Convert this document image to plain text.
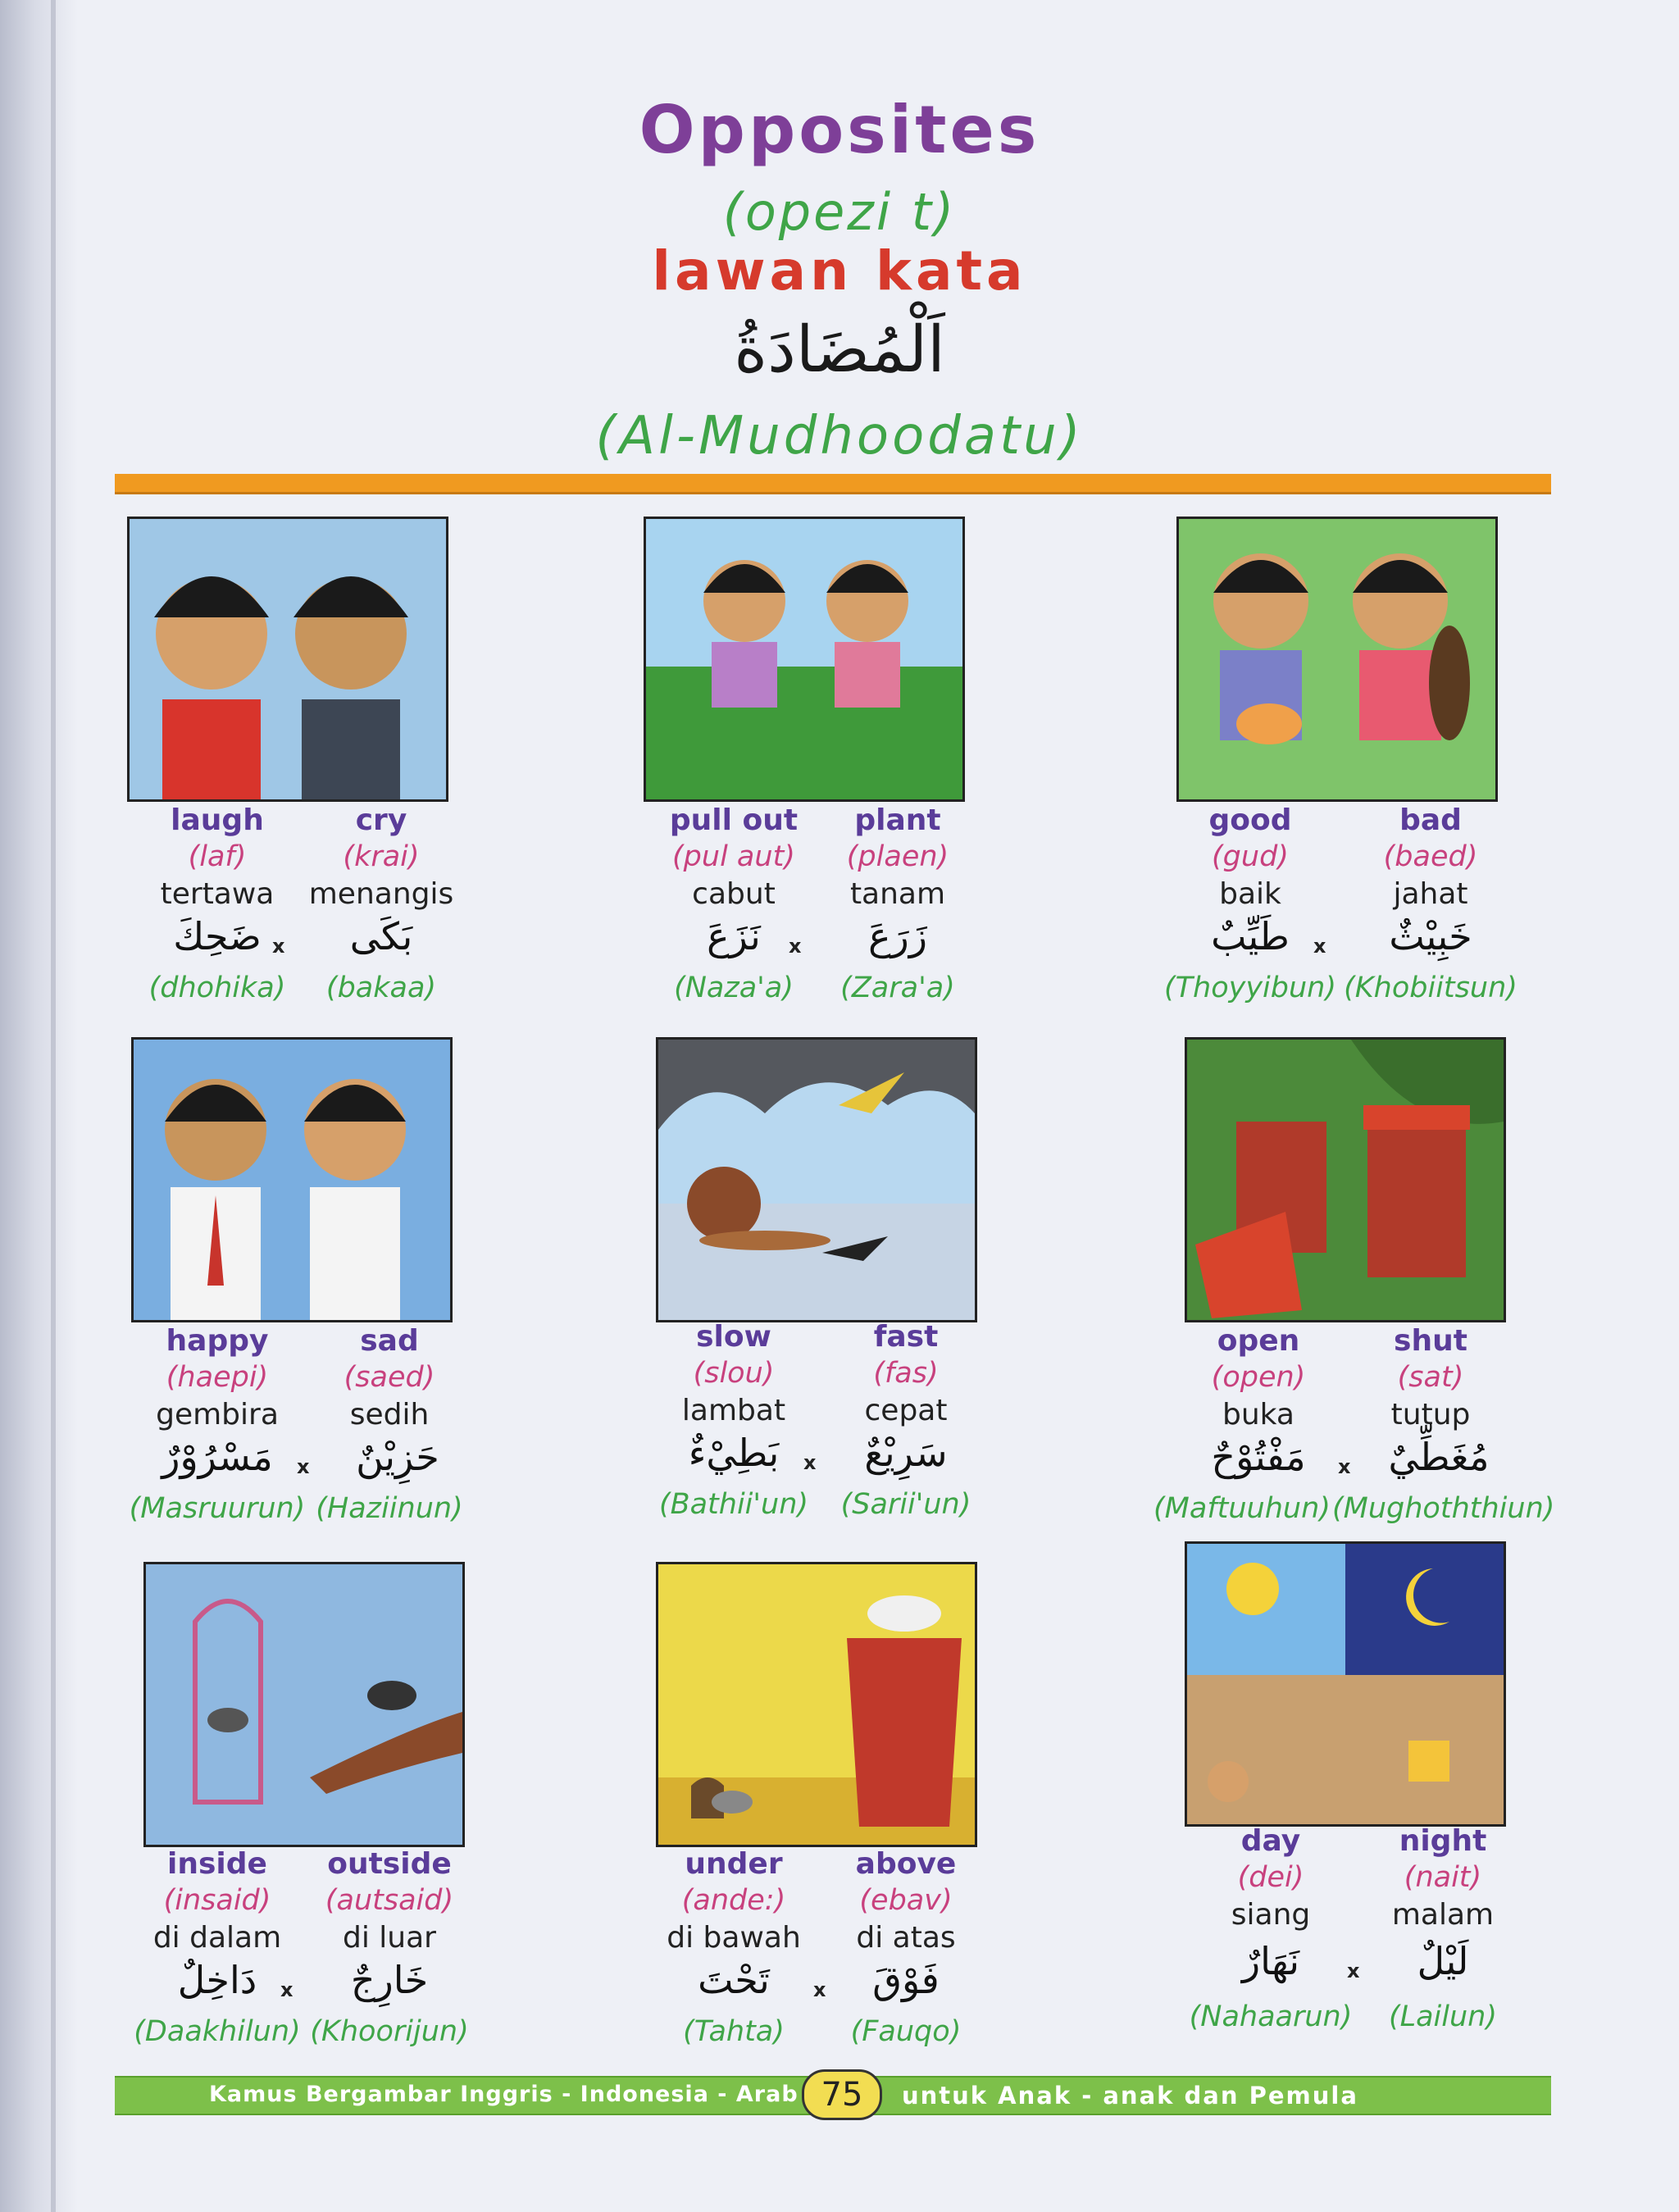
Opposites
(opezi t)
lawan kata
اَلْمُضَادَةُ
(Al-Mudhoodatu)
laugh	cry
(laf)	(krai)
tertawa	menangis
ضَحِكَ x	بَكَى
(dhohika)	(bakaa)
pull out	plant
(pul aut)	(plaen)
cabut	tanam
نَزَعَ	x	زَرَعَ
(Naza'a)	(Zara'a)
good	bad
(gud)	(baed)
baik	jahat
طَيِّبٌ	x	خَبِيْثٌ
(Thoyyibun) (Khobiitsun)
happy	sad
(haepi)	(saed)
gembira	sedih
مَسْرُوْرٌ	x	حَزِيْنٌ
(Masruurun) (Haziinun)
slow	fast
(slou)	(fas)
lambat	cepat
بَطِيْءٌ	x	سَرِيْعٌ
(Bathii'un)	(Sarii'un)
open	shut
(open)	(sat)
buka	tutup
مَفْتُوْحٌ	x	مُغَطِّيٌ
(Maftuuhun) (Mughoththiun)
inside	outside
(insaid)	(autsaid)
di dalam	di luar
دَاخِلٌ	x	خَارِجٌ
(Daakhilun) (Khoorijun)
under	above
(ande:)	(ebav)
di bawah	di atas
تَحْتَ	x	فَوْقَ
(Tahta)	(Fauqo)
day	night
(dei)	(nait)
siang	malam
نَهَارٌ	x	لَيْلٌ
(Nahaarun)	(Lailun)
Kamus Bergambar Inggris - Indonesia - Arab 75	untuk Anak - anak dan Pemula
